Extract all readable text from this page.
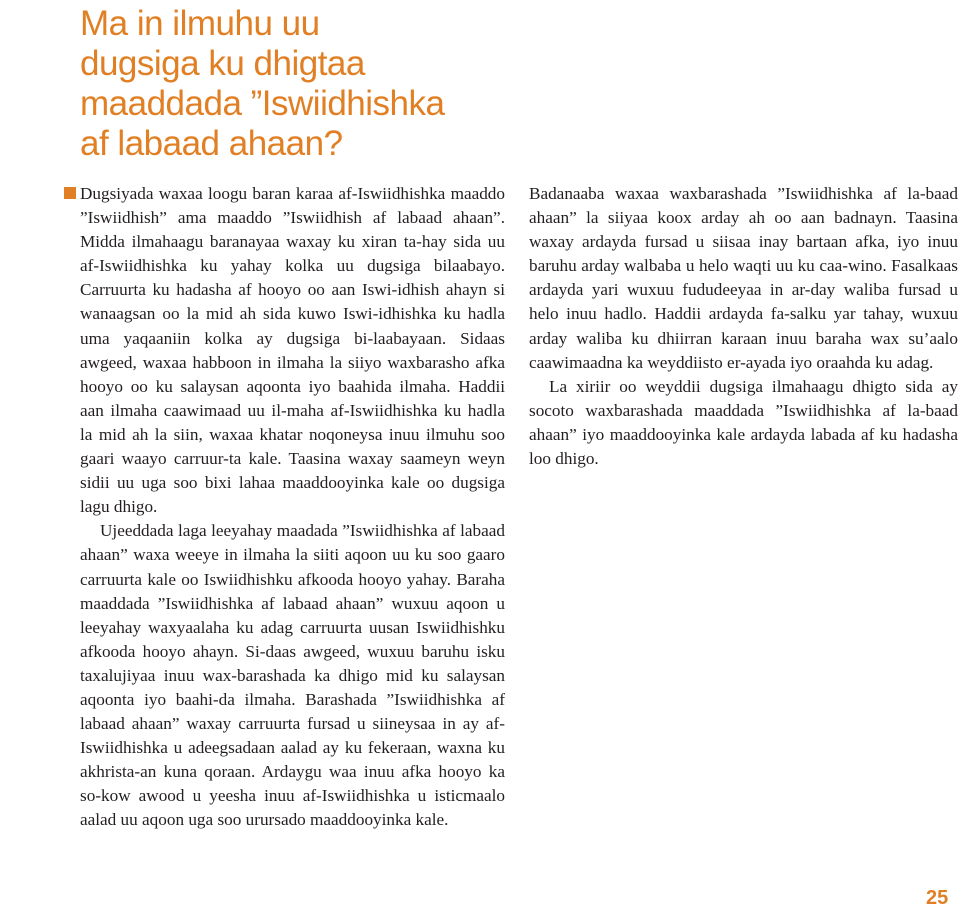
Ma in ilmuhu uu
dugsiga ku dhigtaa
maaddada ”Iswiidhishka
af labaad ahaan?

Dugsiyada waxaa loogu baran karaa af-Iswiidhishka maaddo ”Iswiidhish” ama maaddo ”Iswiidhish af labaad ahaan”. Midda ilmahaagu baranayaa waxay ku xiran ta-hay sida uu af-Iswiidhishka ku yahay kolka uu dugsiga bilaabayo. Carruurta ku hadasha af hooyo oo aan Iswi-idhish ahayn si wanaagsan oo la mid ah sida kuwo Iswi-idhishka ku hadla uma yaqaaniin kolka ay dugsiga bi-laabayaan. Sidaas awgeed, waxaa habboon in ilmaha la siiyo waxbarasho afka hooyo oo ku salaysan aqoonta iyo baahida ilmaha. Haddii aan ilmaha caawimaad uu il-maha af-Iswiidhishka ku hadla la mid ah la siin, waxaa khatar noqoneysa inuu ilmuhu soo gaari waayo carruur-ta kale. Taasina waxay saameyn weyn sidii uu uga soo bixi lahaa maaddooyinka kale oo dugsiga lagu dhigo.

Ujeeddada laga leeyahay maadada ”Iswiidhishka af labaad ahaan” waxa weeye in ilmaha la siiti aqoon uu ku soo gaaro carruurta kale oo Iswiidhishku afkooda hooyo yahay. Baraha maaddada ”Iswiidhishka af labaad ahaan” wuxuu aqoon u leeyahay waxyaalaha ku adag carruurta uusan Iswiidhishku afkooda hooyo ahayn. Si-daas awgeed, wuxuu baruhu isku taxalujiyaa inuu wax-barashada ka dhigo mid ku salaysan aqoonta iyo baahi-da ilmaha. Barashada ”Iswiidhishka af labaad ahaan” waxay carruurta fursad u siineysaa in ay af-Iswiidhishka u adeegsadaan aalad ay ku fekeraan, waxna ku akhrista-an kuna qoraan. Ardaygu waa inuu afka hooyo ka so-kow awood u yeesha inuu af-Iswiidhishka u isticmaalo aalad uu aqoon uga soo urursado maaddooyinka kale.

Badanaaba waxaa waxbarashada ”Iswiidhishka af la-baad ahaan” la siiyaa koox arday ah oo aan badnayn. Taasina waxay ardayda fursad u siisaa inay bartaan afka, iyo inuu baruhu arday walbaba u helo waqti uu ku caa-wino. Fasalkaas ardayda yari wuxuu fududeeyaa in ar-day waliba fursad u helo inuu hadlo. Haddii ardayda fa-salku yar tahay, wuxuu arday waliba ku dhiirran karaan inuu baraha wax su’aalo caawimaadna ka weyddiisto er-ayada iyo oraahda ku adag.

La xiriir oo weyddii dugsiga ilmahaagu dhigto sida ay socoto waxbarashada maaddada ”Iswiidhishka af la-baad ahaan” iyo maaddooyinka kale ardayda labada af ku hadasha loo dhigo.

25
